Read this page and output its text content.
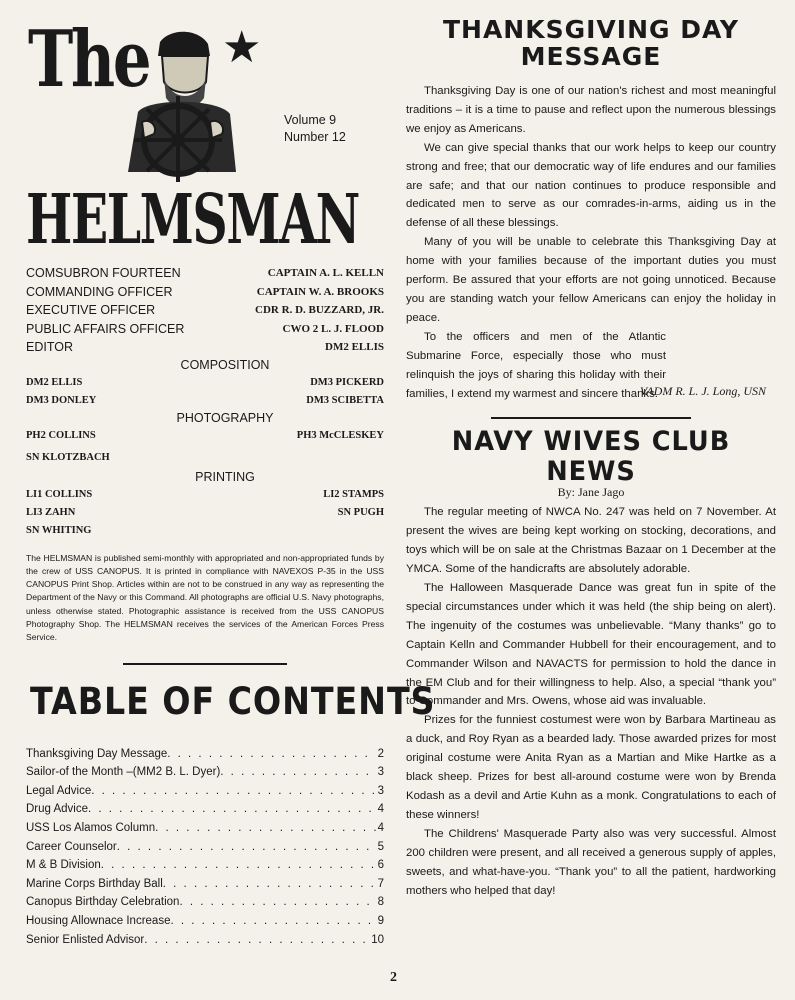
The ★
Volume 9
Number 12
HELMSMAN
COMSUBRON FOURTEEN	CAPTAIN A. L. KELLN
COMMANDING OFFICER	CAPTAIN W. A. BROOKS
EXECUTIVE OFFICER	CDR R. D. BUZZARD, JR.
PUBLIC AFFAIRS OFFICER	CWO 2 L. J. FLOOD
EDITOR	DM2 ELLIS
COMPOSITION
DM2 ELLIS	DM3 PICKERD
DM3 DONLEY	DM3 SCIBETTA
PHOTOGRAPHY
PH2 COLLINS	PH3 McCLESKEY
SN KLOTZBACH
PRINTING
LI1 COLLINS	LI2 STAMPS
LI3 ZAHN	SN PUGH
SN WHITING
The HELMSMAN is published semi-monthly with appropriated and non-appropriated funds by the crew of USS CANOPUS. It is printed in compliance with NAVEXOS P-35 in the USS CANOPUS Print Shop. Articles within are not to be construed in any way as representing the Department of the Navy or this Command. All photographs are official U.S. Navy photographs, unless otherwise stated. Photographic assistance is received from the USS CANOPUS Photography Shop. The HELMSMAN receives the services of the American Forces Press Service.
TABLE OF CONTENTS
Thanksgiving Day Message . . .	2
Sailor-of the Month –(MM2 B. L. Dyer) . . .	3
Legal Advice . . .	3
Drug Advice . . .	4
USS Los Alamos Column . . .	4
Career Counselor . . .	5
M & B Division . . .	6
Marine Corps Birthday Ball . . .	7
Canopus Birthday Celebration . . .	8
Housing Allownace Increase . . .	9
Senior Enlisted Advisor . . .	10
THANKSGIVING DAY
MESSAGE

Thanksgiving Day is one of our nation's richest and most meaningful traditions – it is a time to pause and reflect upon the numerous blessings we enjoy as Americans.

We can give special thanks that our work helps to keep our country strong and free; that our democratic way of life endures and our families are safe; and that our nation continues to produce responsible and dedicated men to serve as our comrades-in-arms, aiding us in the defense of all these blessings.

Many of you will be unable to celebrate this Thanksgiving Day at home with your families because of the important duties you must perform. Be assured that your efforts are not going unnoticed. Because you are standing watch your fellow Americans can enjoy the holiday in peace.

To the officers and men of the Atlantic Submarine Force, especially those who must relinquish the joys of sharing this holiday with their families, I extend my warmest and sincere thanks.

VADM R. L. J. Long, USN
NAVY WIVES CLUB NEWS
By: Jane Jago

The regular meeting of NWCA No. 247 was held on 7 November. At present the wives are being kept working on stocking, decorations, and toys which will be on sale at the Christmas Bazaar on 1 December at the YMCA. Some of the handicrafts are absolutely adorable.

The Halloween Masquerade Dance was great fun in spite of the special circumstances under which it was held (the ship being on alert). The ingenuity of the costumes was unbelievable. “Many thanks” go to Captain Kelln and Commander Hubbell for their encouragement, and to Commander Wilson and NAVACTS for permission to hold the dance in the EM Club and for their willingness to help. Also, a special “thank you” to Commander and Mrs. Owens, whose aid was invaluable.

Prizes for the funniest costumest were won by Barbara Martineau as a duck, and Roy Ryan as a bearded lady. Those awarded prizes for most original costume were Anita Ryan as a Martian and Mike Hartke as a black sheep. Prizes for best all-around costume were won by Brenda Kodash as a devil and Artie Kuhn as a monk. Congratulations to each of these winners!

The Childrens' Masquerade Party also was very successful. Almost 200 children were present, and all received a generous supply of apples, sweets, and what-have-you. “Thank you” to all the patient, hardworking mothers who helped that day!

2
